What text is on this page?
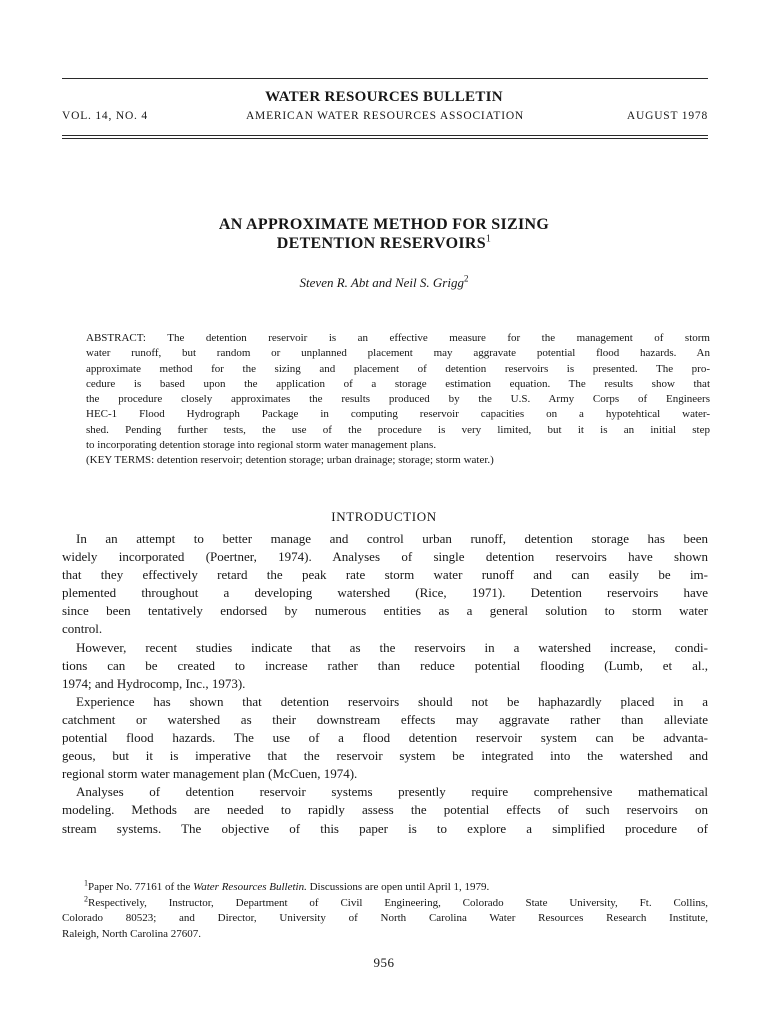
WATER RESOURCES BULLETIN
VOL. 14, NO. 4	AMERICAN WATER RESOURCES ASSOCIATION	AUGUST 1978
AN APPROXIMATE METHOD FOR SIZING
DETENTION RESERVOIRS$^1$
Steven R. Abt and Neil S. Grigg$^2$
ABSTRACT: The detention reservoir is an effective measure for the management of storm
water runoff, but random or unplanned placement may aggravate potential flood hazards. An
approximate method for the sizing and placement of detention reservoirs is presented. The pro-
cedure is based upon the application of a storage estimation equation. The results show that
the procedure closely approximates the results produced by the U.S. Army Corps of Engineers
HEC-1 Flood Hydrograph Package in computing reservoir capacities on a hypotehtical water-
shed. Pending further tests, the use of the procedure is very limited, but it is an initial step
to incorporating detention storage into regional storm water management plans.
(KEY TERMS: detention reservoir; detention storage; urban drainage; storage; storm water.)
INTRODUCTION
In an attempt to better manage and control urban runoff, detention storage has been
widely incorporated (Poertner, 1974). Analyses of single detention reservoirs have shown
that they effectively retard the peak rate storm water runoff and can easily be im-
plemented throughout a developing watershed (Rice, 1971). Detention reservoirs have
since been tentatively endorsed by numerous entities as a general solution to storm water
control.
However, recent studies indicate that as the reservoirs in a watershed increase, condi-
tions can be created to increase rather than reduce potential flooding (Lumb, et al.,
1974; and Hydrocomp, Inc., 1973).
Experience has shown that detention reservoirs should not be haphazardly placed in a
catchment or watershed as their downstream effects may aggravate rather than alleviate
potential flood hazards. The use of a flood detention reservoir system can be advanta-
geous, but it is imperative that the reservoir system be integrated into the watershed and
regional storm water management plan (McCuen, 1974).
Analyses of detention reservoir systems presently require comprehensive mathematical
modeling. Methods are needed to rapidly assess the potential effects of such reservoirs on
stream systems. The objective of this paper is to explore a simplified procedure of
$^1$Paper No. 77161 of the Water Resources Bulletin. Discussions are open until April 1, 1979.
$^2$Respectively, Instructor, Department of Civil Engineering, Colorado State University, Ft. Collins,
Colorado 80523; and Director, University of North Carolina Water Resources Research Institute,
Raleigh, North Carolina 27607.
956
